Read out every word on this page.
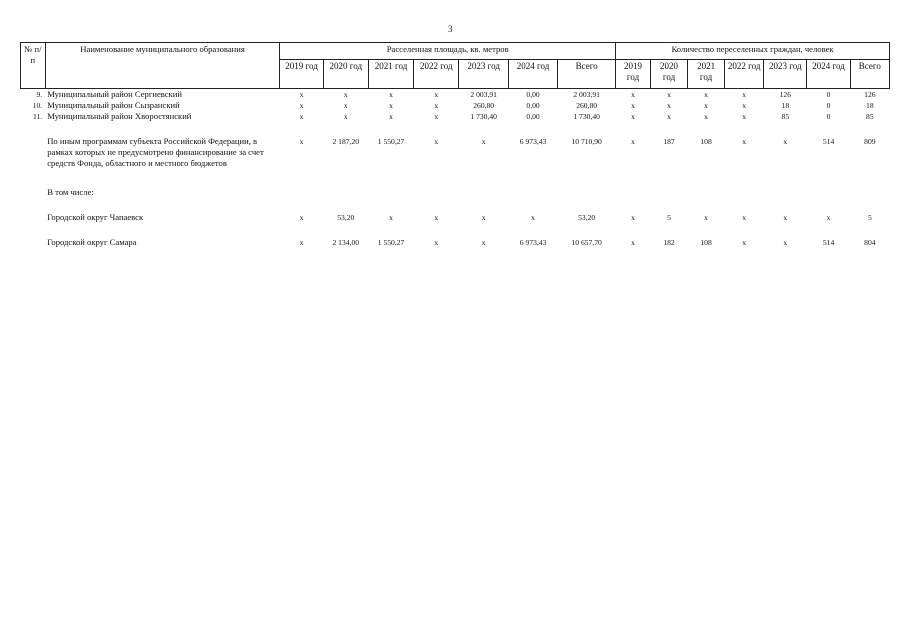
3
№ п/п	Наименование муниципального образования	Расселенная площадь, кв. метров							Количество переселенных граждан, человек						
		2019 год	2020 год	2021 год	2022 год	2023 год	2024 год	Всего	2019 год	2020 год	2021 год	2022 год	2023 год	2024 год	Всего
9.	Муниципальный район Сергиевский	x	x	x	x	2 003,91	0,00	2 003,91	x	x	x	x	126	0	126
10.	Муниципальный район Сызранский	x	x	x	x	260,80	0,00	260,80	x	x	x	x	18	0	18
11.	Муниципальный район Хворостянский	x	x	x	x	1 730,40	0,00	1 730,40	x	x	x	x	85	0	85

	По иным программам субъекта Российской Федерации, в рамках которых не предусмотрено финансирование за счет средств Фонда, областного и местного бюджетов	x	2 187,20	1 550,27	x	x	6 973,43	10 710,90	x	187	108	x	x	514	809

	В том числе:														

	Городской округ Чапаевск	x	53,20	x	x	x	x	53,20	x	5	x	x	x	x	5

	Городской округ Самара	x	2 134,00	1 550,27	x	x	6 973,43	10 657,70	x	182	108	x	x	514	804
